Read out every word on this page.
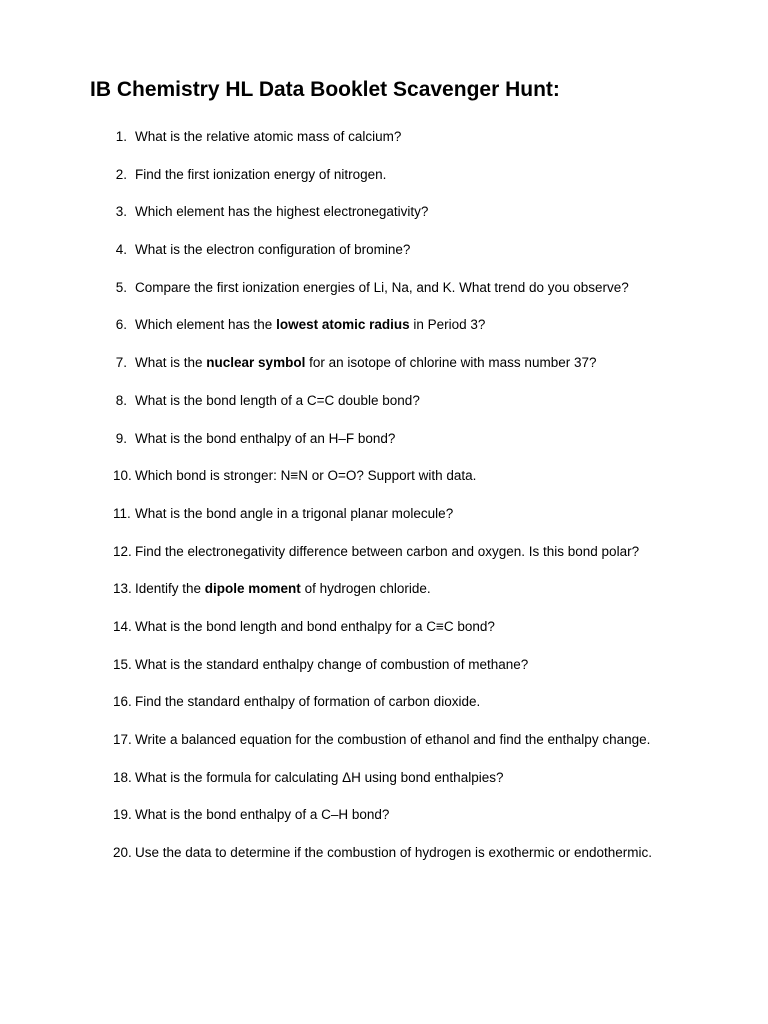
IB Chemistry HL Data Booklet Scavenger Hunt:
1. What is the relative atomic mass of calcium?
2. Find the first ionization energy of nitrogen.
3. Which element has the highest electronegativity?
4. What is the electron configuration of bromine?
5. Compare the first ionization energies of Li, Na, and K. What trend do you observe?
6. Which element has the lowest atomic radius in Period 3?
7. What is the nuclear symbol for an isotope of chlorine with mass number 37?
8. What is the bond length of a C=C double bond?
9. What is the bond enthalpy of an H–F bond?
10. Which bond is stronger: N≡N or O=O? Support with data.
11. What is the bond angle in a trigonal planar molecule?
12. Find the electronegativity difference between carbon and oxygen. Is this bond polar?
13. Identify the dipole moment of hydrogen chloride.
14. What is the bond length and bond enthalpy for a C≡C bond?
15. What is the standard enthalpy change of combustion of methane?
16. Find the standard enthalpy of formation of carbon dioxide.
17. Write a balanced equation for the combustion of ethanol and find the enthalpy change.
18. What is the formula for calculating ΔH using bond enthalpies?
19. What is the bond enthalpy of a C–H bond?
20. Use the data to determine if the combustion of hydrogen is exothermic or endothermic.
